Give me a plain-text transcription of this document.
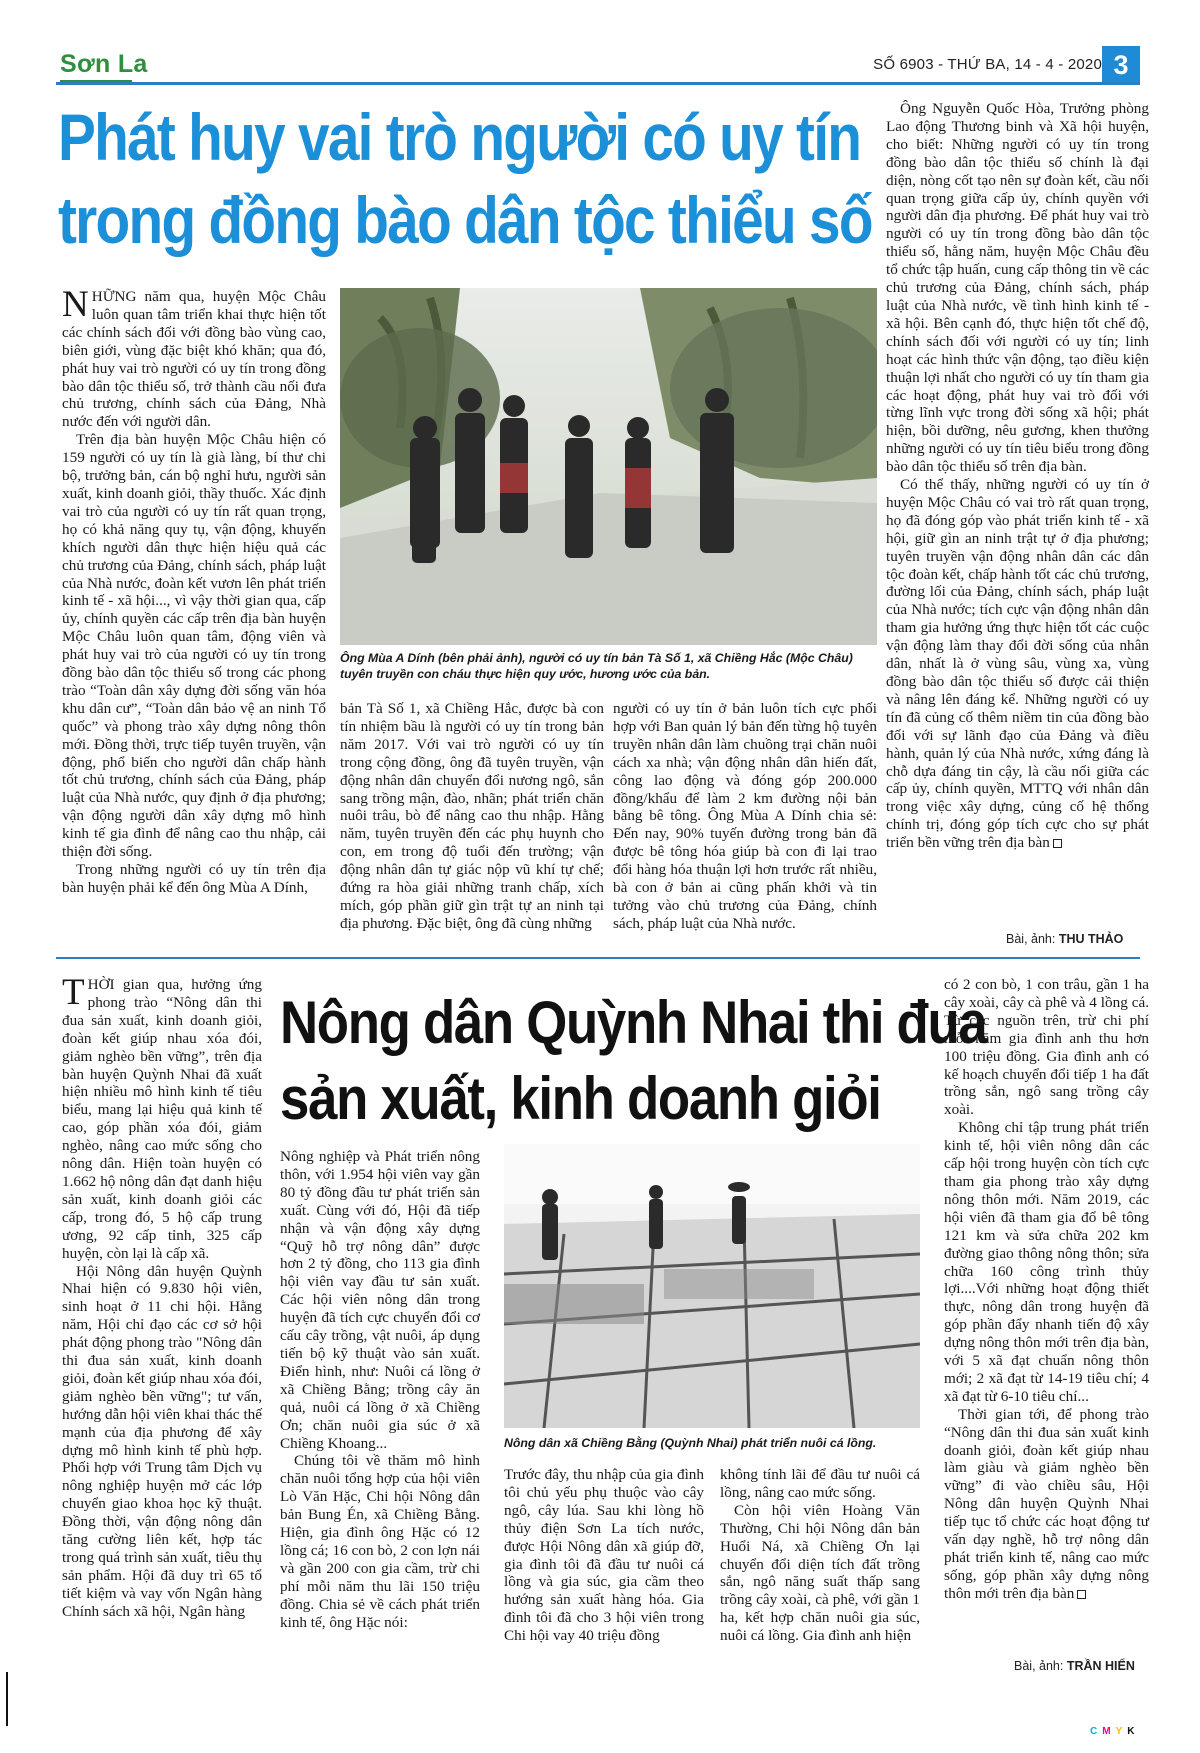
Sơn La	SỐ 6903 - THỨ BA, 14 - 4 - 2020 3
Phát huy vai trò người có uy tín
trong đồng bào dân tộc thiểu số

NHỮNG năm qua, huyện Mộc Châu luôn quan tâm triển khai thực hiện tốt các chính sách đối với đồng bào vùng cao, biên giới, vùng đặc biệt khó khăn; qua đó, phát huy vai trò người có uy tín trong đồng bào dân tộc thiểu số, trở thành cầu nối đưa chủ trương, chính sách của Đảng, Nhà nước đến với người dân.

Trên địa bàn huyện Mộc Châu hiện có 159 người có uy tín là già làng, bí thư chi bộ, trưởng bản, cán bộ nghỉ hưu, người sản xuất, kinh doanh giỏi, thầy thuốc. Xác định vai trò của người có uy tín rất quan trọng, họ có khả năng quy tụ, vận động, khuyến khích người dân thực hiện hiệu quả các chủ trương của Đảng, chính sách, pháp luật của Nhà nước, đoàn kết vươn lên phát triển kinh tế - xã hội..., vì vậy thời gian qua, cấp ủy, chính quyền các cấp trên địa bàn huyện Mộc Châu luôn quan tâm, động viên và phát huy vai trò của người có uy tín trong đồng bào dân tộc thiểu số trong các phong trào “Toàn dân xây dựng đời sống văn hóa khu dân cư”, “Toàn dân bảo vệ an ninh Tổ quốc” và phong trào xây dựng nông thôn mới. Đồng thời, trực tiếp tuyên truyền, vận động, phổ biến cho người dân chấp hành tốt chủ trương, chính sách của Đảng, pháp luật của Nhà nước, quy định ở địa phương; vận động người dân xây dựng mô hình kinh tế gia đình để nâng cao thu nhập, cải thiện đời sống.

Trong những người có uy tín trên địa bàn huyện phải kể đến ông Mùa A Dính,

Ông Mùa A Dính (bên phải ảnh), người có uy tín bản Tà Số 1, xã Chiềng Hắc (Mộc Châu) tuyên truyền con cháu thực hiện quy ước, hương ước của bản.

bản Tà Số 1, xã Chiềng Hắc, được bà con tín nhiệm bầu là người có uy tín trong bản năm 2017. Với vai trò người có uy tín trong cộng đồng, ông đã tuyên truyền, vận động nhân dân chuyển đổi nương ngô, sắn sang trồng mận, đào, nhãn; phát triển chăn nuôi trâu, bò để nâng cao thu nhập. Hằng năm, tuyên truyền đến các phụ huynh cho con, em trong độ tuổi đến trường; vận động nhân dân tự giác nộp vũ khí tự chế; đứng ra hòa giải những tranh chấp, xích mích, góp phần giữ gìn trật tự an ninh tại địa phương. Đặc biệt, ông đã cùng những

người có uy tín ở bản luôn tích cực phối hợp với Ban quản lý bản đến từng hộ tuyên truyền nhân dân làm chuồng trại chăn nuôi cách xa nhà; vận động nhân dân hiến đất, công lao động và đóng góp 200.000 đồng/khẩu để làm 2 km đường nội bản bằng bê tông. Ông Mùa A Dính chia sẻ: Đến nay, 90% tuyến đường trong bản đã được bê tông hóa giúp bà con đi lại trao đổi hàng hóa thuận lợi hơn trước rất nhiều, bà con ở bản ai cũng phấn khởi và tin tưởng vào chủ trương của Đảng, chính sách, pháp luật của Nhà nước.

Ông Nguyễn Quốc Hòa, Trưởng phòng Lao động Thương binh và Xã hội huyện, cho biết: Những người có uy tín trong đồng bào dân tộc thiểu số chính là đại diện, nòng cốt tạo nên sự đoàn kết, cầu nối quan trọng giữa cấp ủy, chính quyền với người dân địa phương. Để phát huy vai trò người có uy tín trong đồng bào dân tộc thiểu số, hằng năm, huyện Mộc Châu đều tổ chức tập huấn, cung cấp thông tin về các chủ trương của Đảng, chính sách, pháp luật của Nhà nước, về tình hình kinh tế - xã hội. Bên cạnh đó, thực hiện tốt chế độ, chính sách đối với người có uy tín; linh hoạt các hình thức vận động, tạo điều kiện thuận lợi nhất cho người có uy tín tham gia các hoạt động, phát huy vai trò đối với từng lĩnh vực trong đời sống xã hội; phát hiện, bồi dưỡng, nêu gương, khen thưởng những người có uy tín tiêu biểu trong đồng bào dân tộc thiểu số trên địa bàn.

Có thể thấy, những người có uy tín ở huyện Mộc Châu có vai trò rất quan trọng, họ đã đóng góp vào phát triển kinh tế - xã hội, giữ gìn an ninh trật tự ở địa phương; tuyên truyền vận động nhân dân các dân tộc đoàn kết, chấp hành tốt các chủ trương, đường lối của Đảng, chính sách, pháp luật của Nhà nước; tích cực vận động nhân dân tham gia hưởng ứng thực hiện tốt các cuộc vận động làm thay đổi đời sống của nhân dân, nhất là ở vùng sâu, vùng xa, vùng đồng bào dân tộc thiểu số được cải thiện và nâng lên đáng kể. Những người có uy tín đã củng cố thêm niềm tin của đồng bào đối với sự lãnh đạo của Đảng và điều hành, quản lý của Nhà nước, xứng đáng là chỗ dựa đáng tin cậy, là cầu nối giữa các cấp ủy, chính quyền, MTTQ với nhân dân trong việc xây dựng, củng cố hệ thống chính trị, đóng góp tích cực cho sự phát triển bền vững trên địa bàn

Bài, ảnh: THU THẢO

THỜI gian qua, hưởng ứng phong trào “Nông dân thi đua sản xuất, kinh doanh giỏi, đoàn kết giúp nhau xóa đói, giảm nghèo bền vững”, trên địa bàn huyện Quỳnh Nhai đã xuất hiện nhiều mô hình kinh tế tiêu biểu, mang lại hiệu quả kinh tế cao, góp phần xóa đói, giảm nghèo, nâng cao mức sống cho nông dân. Hiện toàn huyện có 1.662 hộ nông dân đạt danh hiệu sản xuất, kinh doanh giỏi các cấp, trong đó, 5 hộ cấp trung ương, 92 cấp tỉnh, 325 cấp huyện, còn lại là cấp xã.

Hội Nông dân huyện Quỳnh Nhai hiện có 9.830 hội viên, sinh hoạt ở 11 chi hội. Hằng năm, Hội chỉ đạo các cơ sở hội phát động phong trào "Nông dân thi đua sản xuất, kinh doanh giỏi, đoàn kết giúp nhau xóa đói, giảm nghèo bền vững"; tư vấn, hướng dẫn hội viên khai thác thế mạnh của địa phương để xây dựng mô hình kinh tế phù hợp. Phối hợp với Trung tâm Dịch vụ nông nghiệp huyện mở các lớp chuyển giao khoa học kỹ thuật. Đồng thời, vận động nông dân tăng cường liên kết, hợp tác trong quá trình sản xuất, tiêu thụ sản phẩm. Hội đã duy trì 65 tổ tiết kiệm và vay vốn Ngân hàng Chính sách xã hội, Ngân hàng

Nông dân Quỳnh Nhai thi đua
sản xuất, kinh doanh giỏi

Nông nghiệp và Phát triển nông thôn, với 1.954 hội viên vay gần 80 tỷ đồng đầu tư phát triển sản xuất. Cùng với đó, Hội đã tiếp nhận và vận động xây dựng “Quỹ hỗ trợ nông dân” được hơn 2 tỷ đồng, cho 113 gia đình hội viên vay đầu tư sản xuất. Các hội viên nông dân trong huyện đã tích cực chuyển đổi cơ cấu cây trồng, vật nuôi, áp dụng tiến bộ kỹ thuật vào sản xuất. Điển hình, như: Nuôi cá lồng ở xã Chiềng Bằng; trồng cây ăn quả, nuôi cá lồng ở xã Chiềng Ơn; chăn nuôi gia súc ở xã Chiềng Khoang...

Chúng tôi về thăm mô hình chăn nuôi tổng hợp của hội viên Lò Văn Hặc, Chi hội Nông dân bản Bung Én, xã Chiềng Bằng. Hiện, gia đình ông Hặc có 12 lồng cá; 16 con bò, 2 con lợn nái và gần 200 con gia cầm, trừ chi phí mỗi năm thu lãi 150 triệu đồng. Chia sẻ về cách phát triển kinh tế, ông Hặc nói:

Nông dân xã Chiềng Bằng (Quỳnh Nhai) phát triển nuôi cá lồng.

Trước đây, thu nhập của gia đình tôi chủ yếu phụ thuộc vào cây ngô, cây lúa. Sau khi lòng hồ thủy điện Sơn La tích nước, được Hội Nông dân xã giúp đỡ, gia đình tôi đã đầu tư nuôi cá lồng và gia súc, gia cầm theo hướng sản xuất hàng hóa. Gia đình tôi đã cho 3 hội viên trong Chi hội vay 40 triệu đồng

không tính lãi để đầu tư nuôi cá lồng, nâng cao mức sống.

Còn hội viên Hoàng Văn Thường, Chi hội Nông dân bản Huổi Ná, xã Chiềng Ơn lại chuyển đổi diện tích đất trồng sắn, ngô năng suất thấp sang trồng cây xoài, cà phê, với gần 1 ha, kết hợp chăn nuôi gia súc, nuôi cá lồng. Gia đình anh hiện

có 2 con bò, 1 con trâu, gần 1 ha cây xoài, cây cà phê và 4 lồng cá. Từ các nguồn trên, trừ chi phí mỗi năm gia đình anh thu hơn 100 triệu đồng. Gia đình anh có kế hoạch chuyển đổi tiếp 1 ha đất trồng sắn, ngô sang trồng cây xoài.

Không chỉ tập trung phát triển kinh tế, hội viên nông dân các cấp hội trong huyện còn tích cực tham gia phong trào xây dựng nông thôn mới. Năm 2019, các hội viên đã tham gia đổ bê tông 121 km và sửa chữa 202 km đường giao thông nông thôn; sửa chữa 160 công trình thủy lợi....Với những hoạt động thiết thực, nông dân trong huyện đã góp phần đẩy nhanh tiến độ xây dựng nông thôn mới trên địa bàn, với 5 xã đạt chuẩn nông thôn mới; 2 xã đạt từ 14-19 tiêu chí; 4 xã đạt từ 6-10 tiêu chí...

Thời gian tới, để phong trào “Nông dân thi đua sản xuất kinh doanh giỏi, đoàn kết giúp nhau làm giàu và giảm nghèo bền vững” đi vào chiều sâu, Hội Nông dân huyện Quỳnh Nhai tiếp tục tổ chức các hoạt động tư vấn dạy nghề, hỗ trợ nông dân phát triển kinh tế, nâng cao mức sống, góp phần xây dựng nông thôn mới trên địa bàn

Bài, ảnh: TRẦN HIỂN
CMYK
